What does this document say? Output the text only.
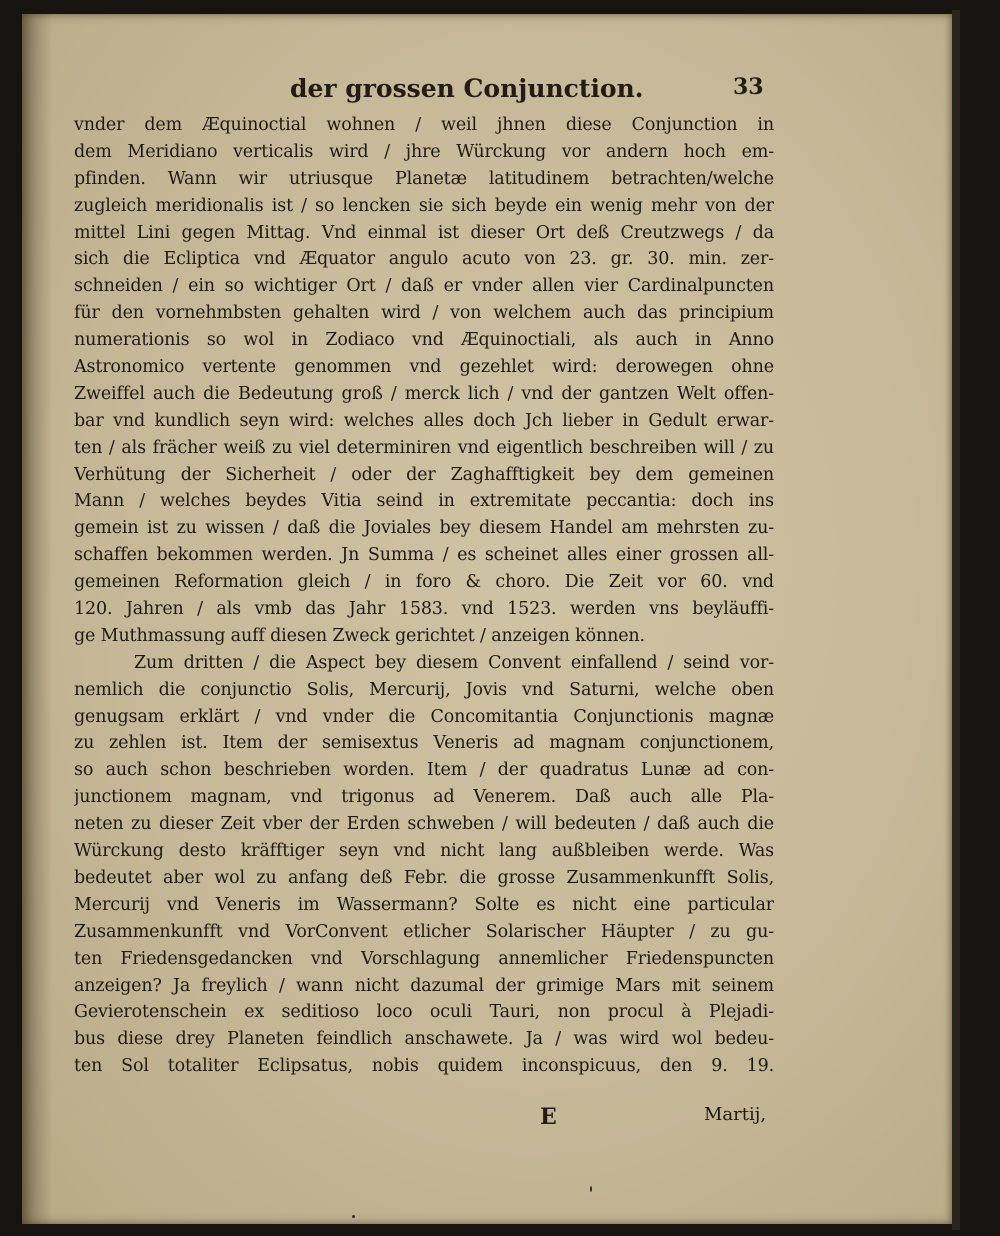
der grossen Conjunction.	33
vnder dem Æquinoctial wohnen / weil jhnen diese Conjunction in
dem Meridiano verticalis wird / jhre Würckung vor andern hoch em-
pfinden. Wann wir utriusque Planetæ latitudinem betrachten/welche
zugleich meridionalis ist / so lencken sie sich beyde ein wenig mehr von der
mittel Lini gegen Mittag. Vnd einmal ist dieser Ort deß Creutzwegs / da
sich die Ecliptica vnd Æquator angulo acuto von 23. gr. 30. min. zer-
schneiden / ein so wichtiger Ort / daß er vnder allen vier Cardinalpuncten
für den vornehmbsten gehalten wird / von welchem auch das principium
numerationis so wol in Zodiaco vnd Æquinoctiali, als auch in Anno
Astronomico vertente genommen vnd gezehlet wird: derowegen ohne
Zweiffel auch die Bedeutung groß / merck lich / vnd der gantzen Welt offen-
bar vnd kundlich seyn wird: welches alles doch Jch lieber in Gedult erwar-
ten / als frächer weiß zu viel determiniren vnd eigentlich beschreiben will / zu
Verhütung der Sicherheit / oder der Zaghafftigkeit bey dem gemeinen
Mann / welches beydes Vitia seind in extremitate peccantia: doch ins
gemein ist zu wissen / daß die Joviales bey diesem Handel am mehrsten zu-
schaffen bekommen werden. Jn Summa / es scheinet alles einer grossen all-
gemeinen Reformation gleich / in foro & choro. Die Zeit vor 60. vnd
120. Jahren / als vmb das Jahr 1583. vnd 1523. werden vns beyläuffi-
ge Muthmassung auff diesen Zweck gerichtet / anzeigen können.
Zum dritten / die Aspect bey diesem Convent einfallend / seind vor-
nemlich die conjunctio Solis, Mercurij, Jovis vnd Saturni, welche oben
genugsam erklärt / vnd vnder die Concomitantia Conjunctionis magnæ
zu zehlen ist. Item der semisextus Veneris ad magnam conjunctionem,
so auch schon beschrieben worden. Item / der quadratus Lunæ ad con-
junctionem magnam, vnd trigonus ad Venerem. Daß auch alle Pla-
neten zu dieser Zeit vber der Erden schweben / will bedeuten / daß auch die
Würckung desto kräfftiger seyn vnd nicht lang außbleiben werde. Was
bedeutet aber wol zu anfang deß Febr. die grosse Zusammenkunfft Solis,
Mercurij vnd Veneris im Wassermann? Solte es nicht eine particular
Zusammenkunfft vnd VorConvent etlicher Solarischer Häupter / zu gu-
ten Friedensgedancken vnd Vorschlagung annemlicher Friedenspuncten
anzeigen? Ja freylich / wann nicht dazumal der grimige Mars mit seinem
Gevierotenschein ex seditioso loco oculi Tauri, non procul à Plejadi-
bus diese drey Planeten feindlich anschawete. Ja / was wird wol bedeu-
ten Sol totaliter Eclipsatus, nobis quidem inconspicuus, den 9. 19.
E	Martij,
